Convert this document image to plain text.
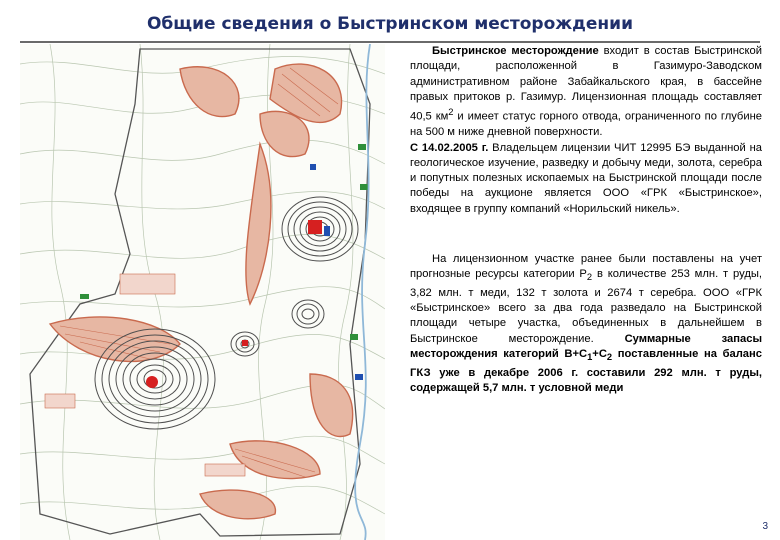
Общие сведения о Быстринском месторождении

Быстринское месторождение входит в состав Быстринской площади, расположенной в Газимуро-Заводском административном районе Забайкальского края, в бассейне правых притоков р. Газимур. Лицензионная площадь составляет 40,5 $км^2$ и имеет статус горного отвода, ограниченного по глубине на 500 м ниже дневной поверхности.

С 14.02.2005 г. Владельцем лицензии ЧИТ 12995 БЭ выданной на геологическое изучение, разведку и добычу меди, золота, серебра и попутных полезных ископаемых на Быстринской площади после победы на аукционе является ООО «ГРК «Быстринское», входящее в группу компаний «Норильский никель».

На лицензионном участке ранее были поставлены на учет прогнозные ресурсы категории $Р_2$ в количестве 253 млн. т руды, 3,82 млн. т меди, 132 т золота и 2674 т серебра. ООО «ГРК «Быстринское» всего за два года разведало на Быстринской площади четыре участка, объединенных в дальнейшем в Быстринское месторождение. Суммарные запасы месторождения категорий $В+С_1+С_2$ поставленные на баланс ГКЗ уже в декабре 2006 г. составили 292 млн. т руды, содержащей 5,7 млн. т условной меди

3
